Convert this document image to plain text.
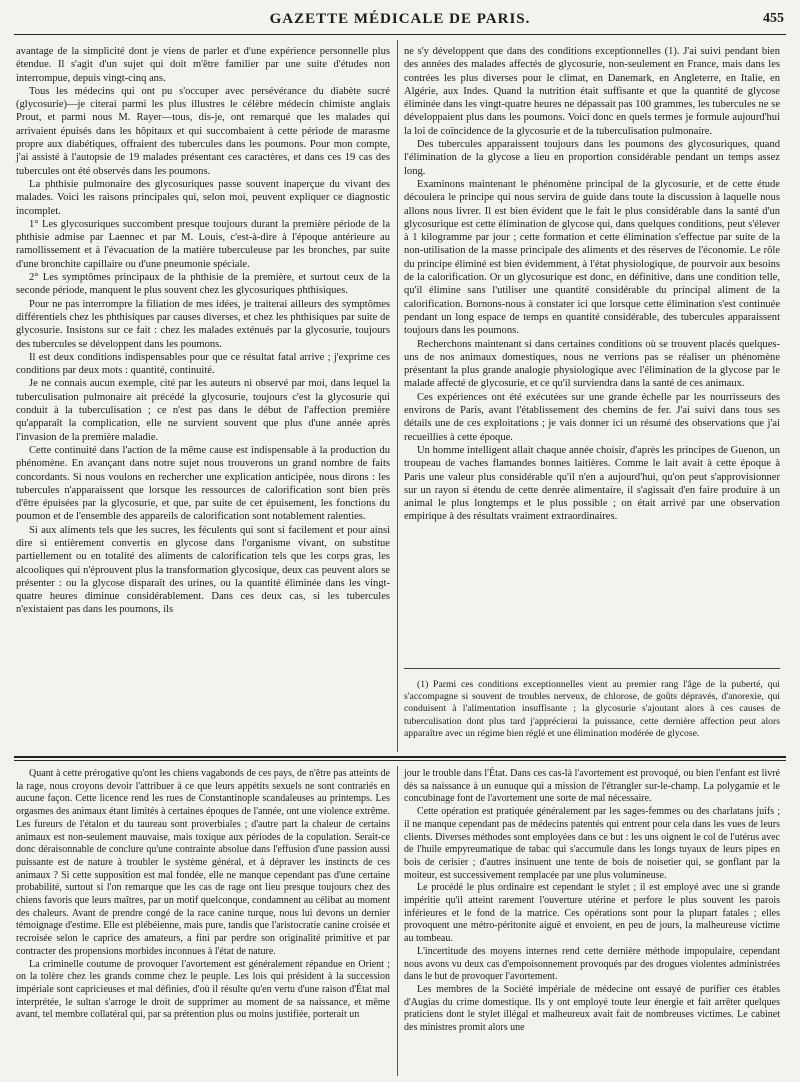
GAZETTE MÉDICALE DE PARIS.	455

avantage de la simplicité dont je viens de parler et d'une expérience personnelle plus étendue. Il s'agit d'un sujet qui doit m'être familier par une suite d'études non interrompue, depuis vingt-cinq ans.

Tous les médecins qui ont pu s'occuper avec persévérance du diabète sucré (glycosurie)—je citerai parmi les plus illustres le célèbre médecin chimiste anglais Prout, et parmi nous M. Rayer—tous, dis-je, ont remarqué que les malades qui arrivaient épuisés dans les hôpitaux et qui succombaient à cette période de marasme propre aux diabétiques, offraient des tubercules dans les poumons. Pour mon compte, j'ai assisté à l'autopsie de 19 malades présentant ces caractères, et dans ces 19 cas des tubercules ont été observés dans les poumons.

La phthisie pulmonaire des glycosuriques passe souvent inaperçue du vivant des malades. Voici les raisons principales qui, selon moi, peuvent expliquer ce diagnostic incomplet.

1° Les glycosuriques succombent presque toujours durant la première période de la phthisie admise par Laennec et par M. Louis, c'est-à-dire à l'époque antérieure au ramollissement et à l'évacuation de la matière tuberculeuse par les bronches, par suite d'une bronchite capillaire ou d'une pneumonie spéciale.

2° Les symptômes principaux de la phthisie de la première, et surtout ceux de la seconde période, manquent le plus souvent chez les glycosuriques phthisiques.

Pour ne pas interrompre la filiation de mes idées, je traiterai ailleurs des symptômes différentiels chez les phthisiques par causes diverses, et chez les phthisiques par suite de glycosurie. Insistons sur ce fait : chez les malades exténués par la glycosurie, toujours des tubercules se développent dans les poumons.

Il est deux conditions indispensables pour que ce résultat fatal arrive ; j'exprime ces conditions par deux mots : quantité, continuité.

Je ne connais aucun exemple, cité par les auteurs ni observé par moi, dans lequel la tuberculisation pulmonaire ait précédé la glycosurie, toujours c'est la glycosurie qui conduit à la tuberculisation ; ce n'est pas dans le début de l'affection première qu'apparaît la complication, elle ne survient souvent que plus d'une année après l'invasion de la première maladie.

Cette continuité dans l'action de la même cause est indispensable à la production du phénomène. En avançant dans notre sujet nous trouverons un grand nombre de faits concordants. Si nous voulons en rechercher une explication anticipée, nous dirons : les tubercules n'apparaissent que lorsque les ressources de calorification sont bien près d'être épuisées par la glycosurie, et que, par suite de cet épuisement, les fonctions du poumon et de l'ensemble des appareils de calorification sont notablement ralenties.

Si aux aliments tels que les sucres, les féculents qui sont si facilement et pour ainsi dire si entièrement convertis en glycose dans l'organisme vivant, on substitue partiellement ou en totalité des aliments de calorification tels que les corps gras, les alcooliques qui n'éprouvent plus la transformation glycosique, deux cas peuvent alors se présenter : ou la glycose disparaît des urines, ou la quantité éliminée dans les vingt-quatre heures diminue considérablement. Dans ces deux cas, si les tubercules n'existaient pas dans les poumons, ils

ne s'y développent que dans des conditions exceptionnelles (1). J'ai suivi pendant bien des années des malades affectés de glycosurie, non-seulement en France, mais dans les contrées les plus diverses pour le climat, en Danemark, en Angleterre, en Italie, en Algérie, aux Indes. Quand la nutrition était suffisante et que la quantité de glycose éliminée dans les vingt-quatre heures ne dépassait pas 100 grammes, les tubercules ne se développaient plus dans les poumons. Voici donc en quels termes je formule aujourd'hui la loi de coïncidence de la glycosurie et de la tuberculisation pulmonaire.

Des tubercules apparaissent toujours dans les poumons des glycosuriques, quand l'élimination de la glycose a lieu en proportion considérable pendant un temps assez long.

Examinons maintenant le phénomène principal de la glycosurie, et de cette étude découlera le principe qui nous servira de guide dans toute la discussion à laquelle nous allons nous livrer. Il est bien évident que le fait le plus considérable dans la santé d'un glycosurique est cette élimination de glycose qui, dans quelques conditions, peut s'élever à 1 kilogramme par jour ; cette formation et cette élimination s'effectue par suite de la non-utilisation de la masse principale des aliments et des réserves de l'économie. Le rôle du principe éliminé est bien évidemment, à l'état physiologique, de pourvoir aux besoins de la calorification. Or un glycosurique est donc, en définitive, dans une condition telle, qu'il élimine sans l'utiliser une quantité considérable du principal aliment de la calorification. Bornons-nous à constater ici que lorsque cette élimination s'est continuée pendant un long espace de temps en quantité considérable, des tubercules apparaissent toujours dans les poumons.

Recherchons maintenant si dans certaines conditions où se trouvent placés quelques-uns de nos animaux domestiques, nous ne verrions pas se réaliser un phénomène présentant la plus grande analogie physiologique avec l'élimination de la glycose par le malade affecté de glycosurie, et ce qu'il surviendra dans la santé de ces animaux.

Ces expériences ont été exécutées sur une grande échelle par les nourrisseurs des environs de Paris, avant l'établissement des chemins de fer. J'ai suivi dans tous ses détails une de ces exploitations ; je vais donner ici un résumé des observations que j'ai recueillies à cette époque.

Un homme intelligent allait chaque année choisir, d'après les principes de Guenon, un troupeau de vaches flamandes bonnes laitières. Comme le lait avait à cette époque à Paris une valeur plus considérable qu'il n'en a aujourd'hui, qu'on peut s'approvisionner sur un rayon si étendu de cette denrée alimentaire, il s'agissait d'en faire produire à un animal le plus longtemps et le plus possible ; on était arrivé par une observation empirique à des résultats vraiment extraordinaires.

(1) Parmi ces conditions exceptionnelles vient au premier rang l'âge de la puberté, qui s'accompagne si souvent de troubles nerveux, de chlorose, de goûts dépravés, d'anorexie, qui conduisent à l'alimentation insuffisante ; la glycosurie s'ajoutant alors à ces causes de tuberculisation dont plus tard j'apprécierai la puissance, cette dernière affection peut alors apparaître avec un régime bien réglé et une élimination modérée de glycose.

Quant à cette prérogative qu'ont les chiens vagabonds de ces pays, de n'être pas atteints de la rage, nous croyons devoir l'attribuer à ce que leurs appétits sexuels ne sont contrariés en aucune façon. Cette licence rend les rues de Constantinople scandaleuses au printemps. Les orgasmes des animaux étant limités à certaines époques de l'année, ont une violence extrême. Les fureurs de l'étalon et du taureau sont proverbiales ; d'autre part la chaleur de certains animaux est non-seulement mauvaise, mais toxique aux périodes de la copulation. Serait-ce donc déraisonnable de conclure qu'une contrainte absolue dans l'effusion d'une passion aussi puissante est de nature à troubler le système général, et à dépraver les instincts de ces animaux ? Si cette supposition est mal fondée, elle ne manque cependant pas d'une certaine probabilité, surtout si l'on remarque que les cas de rage ont lieu presque toujours chez des chiens favoris que leurs maîtres, par un motif quelconque, condamnent au célibat au moment des chaleurs. Avant de prendre congé de la race canine turque, nous lui devons un dernier témoignage d'estime. Elle est plébéienne, mais pure, tandis que l'aristocratie canine croisée et recroisée selon le caprice des amateurs, a fini par perdre son originalité primitive et par contracter des propensions morbides inconnues à l'état de nature.

La criminelle coutume de provoquer l'avortement est généralement répandue en Orient ; on la tolère chez les grands comme chez le peuple. Les lois qui président à la succession impériale sont capricieuses et mal définies, d'où il résulte qu'en vertu d'une raison d'État mal interprétée, le sultan s'arroge le droit de supprimer au moment de sa naissance, et même avant, tel membre collatéral qui, par sa prétention plus ou moins justifiée, porterait un

jour le trouble dans l'État. Dans ces cas-là l'avortement est provoqué, ou bien l'enfant est livré dès sa naissance à un eunuque qui a mission de l'étrangler sur-le-champ. La polygamie et le concubinage font de l'avortement une sorte de mal nécessaire.

Cette opération est pratiquée généralement par les sages-femmes ou des charlatans juifs ; il ne manque cependant pas de médecins patentés qui entrent pour cela dans les vues de leurs clients. Diverses méthodes sont employées dans ce but : les uns oignent le col de l'utérus avec de l'huile empyreumatique de tabac qui s'accumule dans les longs tuyaux de leurs pipes en bois de cerisier ; d'autres insinuent une tente de bois de noisetier qui, se gonflant par la moiteur, est successivement remplacée par une plus volumineuse.

Le procédé le plus ordinaire est cependant le stylet ; il est employé avec une si grande impéritie qu'il atteint rarement l'ouverture utérine et perfore le plus souvent les parois inférieures et le fond de la matrice. Ces opérations sont pour la plupart fatales ; elles provoquent une métro-péritonite aiguë et envoient, en peu de jours, la malheureuse victime au tombeau.

L'incertitude des moyens internes rend cette dernière méthode impopulaire, cependant nous avons vu deux cas d'empoisonnement provoqués par des drogues violentes administrées dans le but de provoquer l'avortement.

Les membres de la Société impériale de médecine ont essayé de purifier ces étables d'Augias du crime domestique. Ils y ont employé toute leur énergie et fait arrêter quelques praticiens dont le stylet illégal et malheureux avait fait de nombreuses victimes. Le cabinet des ministres promit alors une
